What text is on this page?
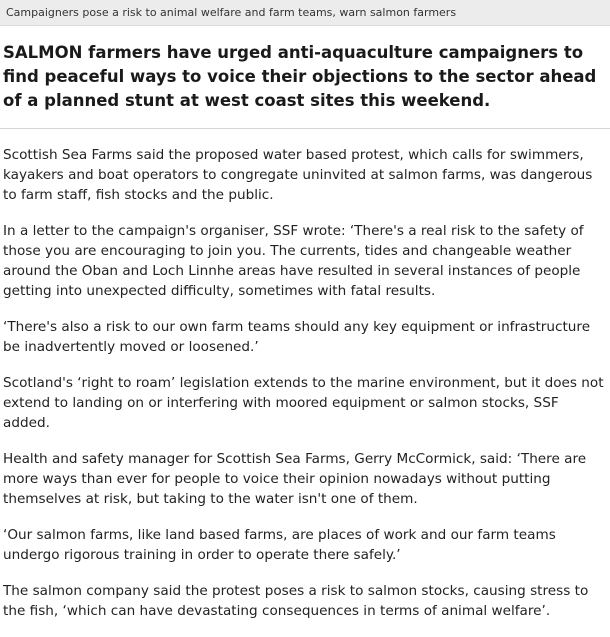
Campaigners pose a risk to animal welfare and farm teams, warn salmon farmers

SALMON farmers have urged anti-aquaculture campaigners to find peaceful ways to voice their objections to the sector ahead of a planned stunt at west coast sites this weekend.

Scottish Sea Farms said the proposed water based protest, which calls for swimmers, kayakers and boat operators to congregate uninvited at salmon farms, was dangerous to farm staff, fish stocks and the public.

In a letter to the campaign's organiser, SSF wrote: ‘There's a real risk to the safety of those you are encouraging to join you. The currents, tides and changeable weather around the Oban and Loch Linnhe areas have resulted in several instances of people getting into unexpected difficulty, sometimes with fatal results.

‘There's also a risk to our own farm teams should any key equipment or infrastructure be inadvertently moved or loosened.’

Scotland's ‘right to roam’ legislation extends to the marine environment, but it does not extend to landing on or interfering with moored equipment or salmon stocks, SSF added.

Health and safety manager for Scottish Sea Farms, Gerry McCormick, said: ‘There are more ways than ever for people to voice their opinion nowadays without putting themselves at risk, but taking to the water isn't one of them.

‘Our salmon farms, like land based farms, are places of work and our farm teams undergo rigorous training in order to operate there safely.’

The salmon company said the protest poses a risk to salmon stocks, causing stress to the fish, ‘which can have devastating consequences in terms of animal welfare’.
